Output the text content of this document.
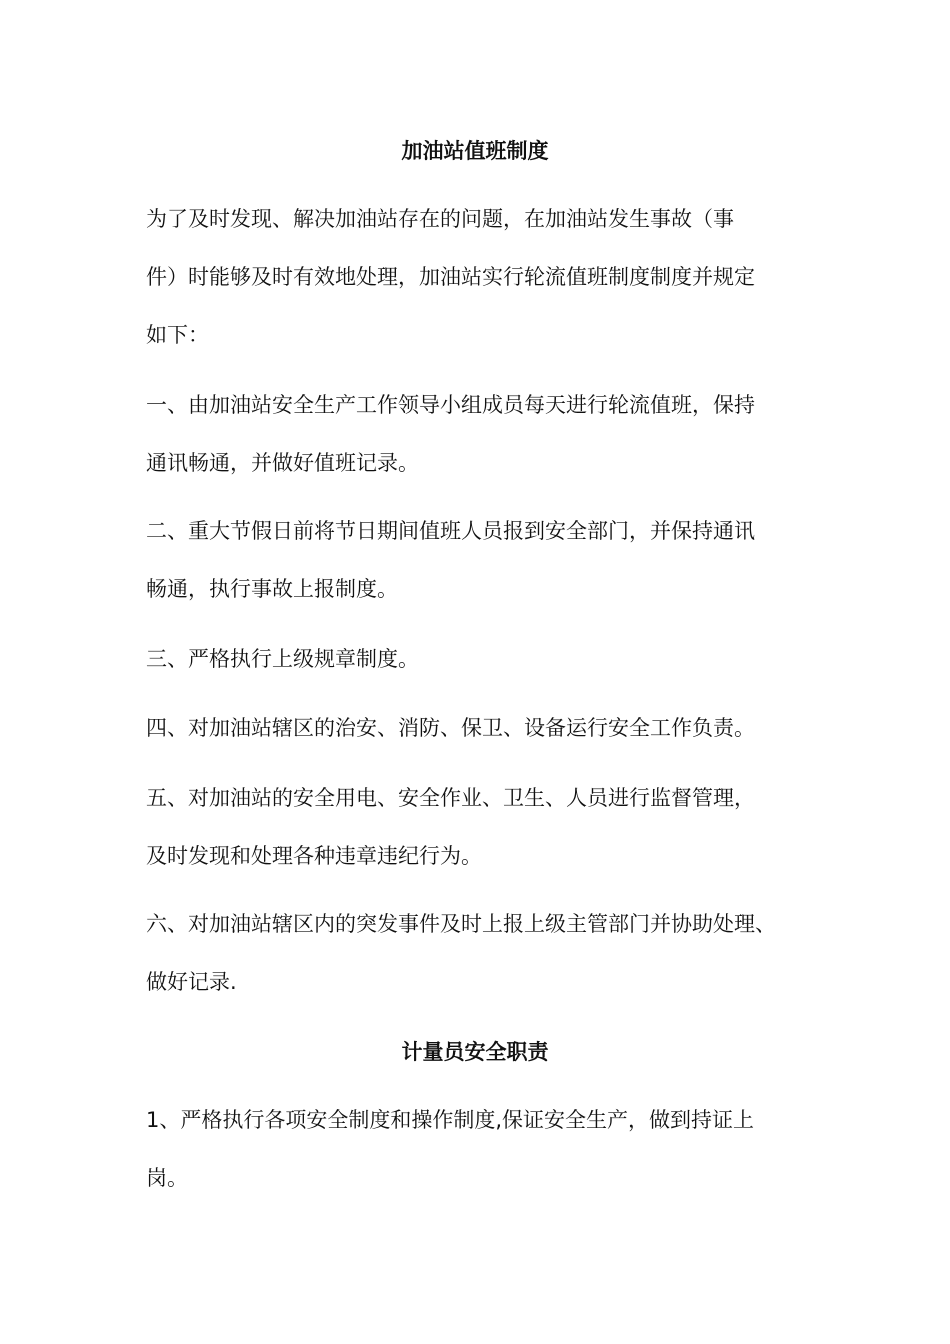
加油站值班制度

为了及时发现、解决加油站存在的问题，在加油站发生事故（事

件）时能够及时有效地处理，加油站实行轮流值班制度制度并规定

如下：

一、由加油站安全生产工作领导小组成员每天进行轮流值班，保持

通讯畅通，并做好值班记录。

二、重大节假日前将节日期间值班人员报到安全部门，并保持通讯

畅通，执行事故上报制度。

三、严格执行上级规章制度。

四、对加油站辖区的治安、消防、保卫、设备运行安全工作负责。

五、对加油站的安全用电、安全作业、卫生、人员进行监督管理，

及时发现和处理各种违章违纪行为。

六、对加油站辖区内的突发事件及时上报上级主管部门并协助处理、

做好记录.

计量员安全职责

1、严格执行各项安全制度和操作制度,保证安全生产，做到持证上

岗。
